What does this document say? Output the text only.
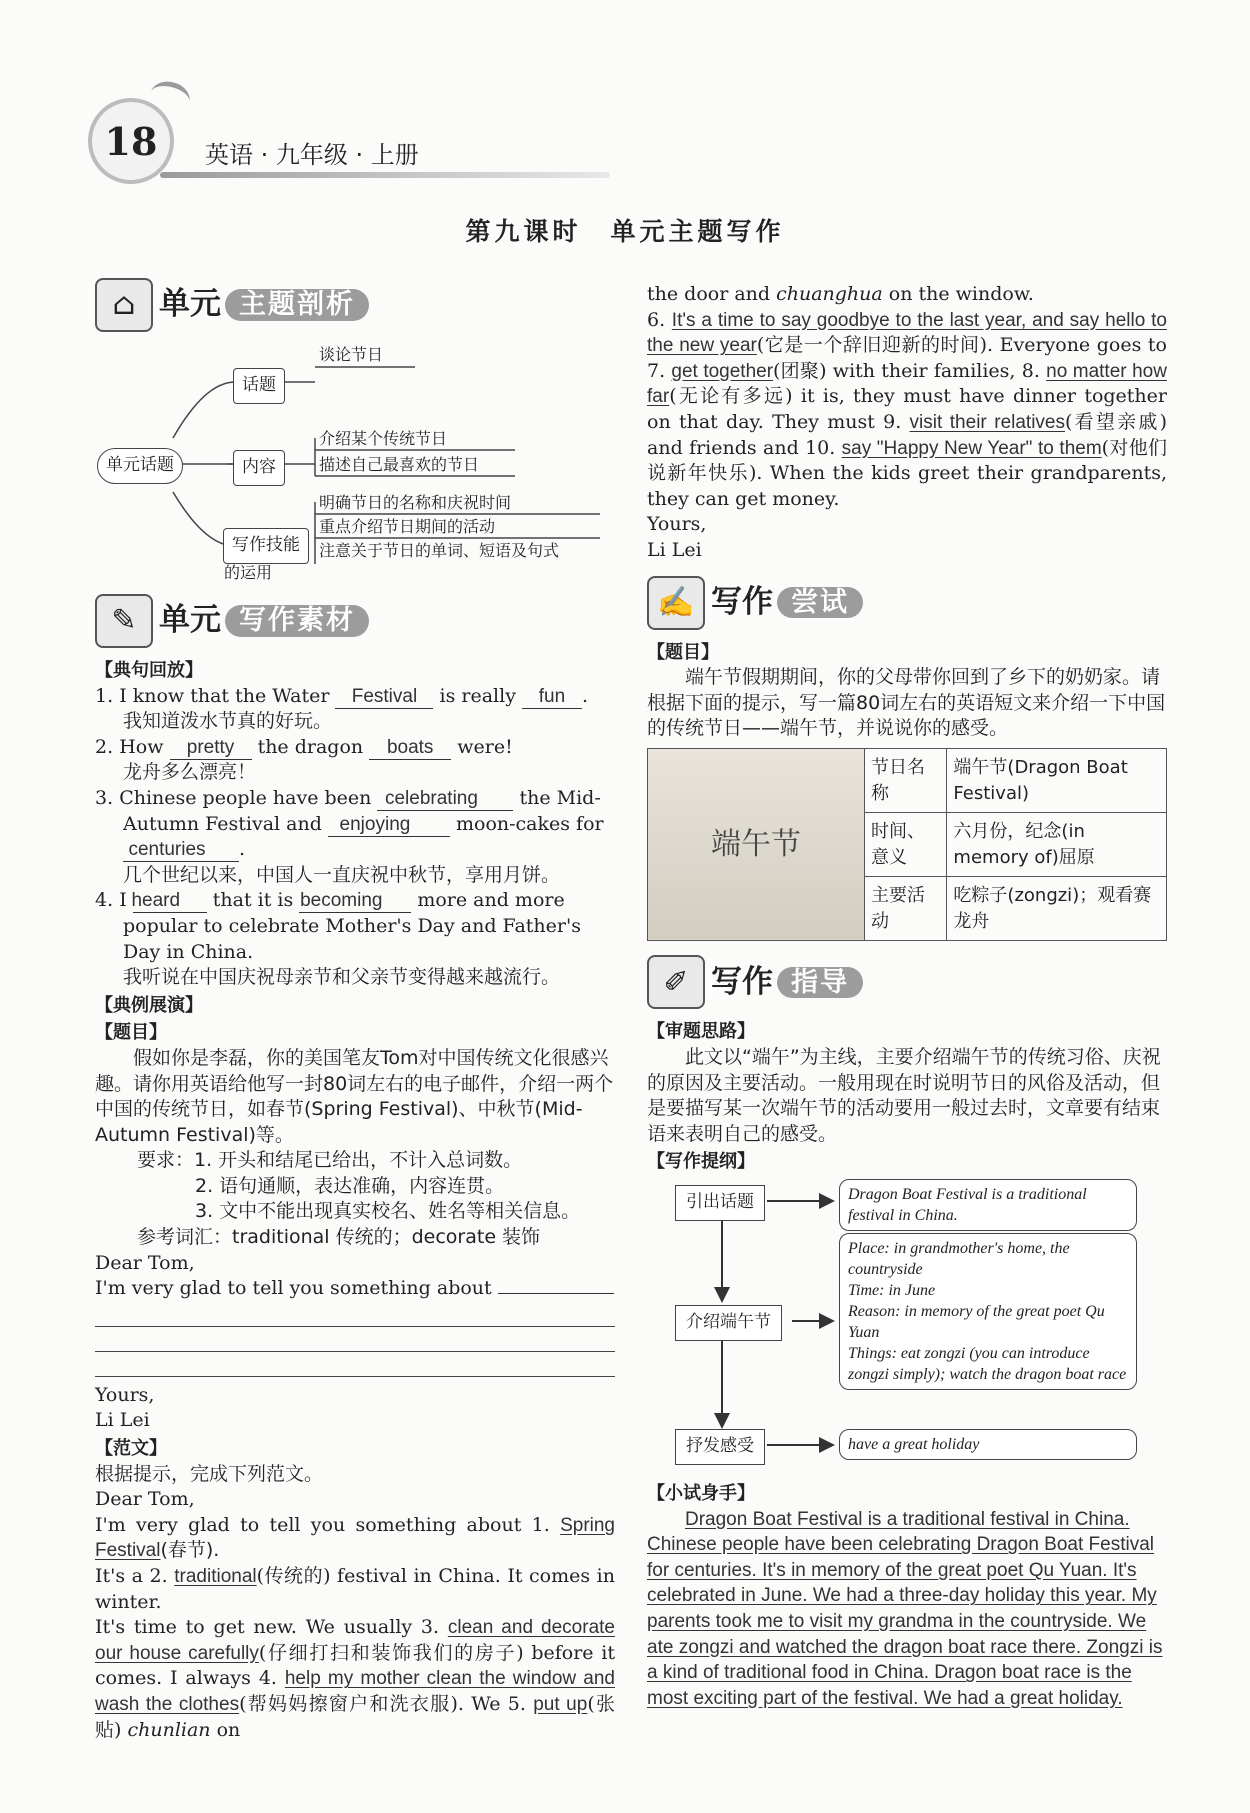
18	英语 · 九年级 · 上册
第九课时　单元主题写作
⌂ 单元 主题剖析
单元话题
话题
谈论节日
内容
介绍某个传统节日
描述自己最喜欢的节日
写作技能
明确节日的名称和庆祝时间
重点介绍节日期间的活动
注意关于节日的单词、短语及句式
的运用
✎ 单元 写作素材
【典句回放】

1. I know that the Water Festival is really fun .

我知道泼水节真的好玩。

2. How pretty the dragon boats were!

龙舟多么漂亮！

3. Chinese people have been celebrating the Mid-Autumn Festival and enjoying moon-cakes for centuries .

几个世纪以来，中国人一直庆祝中秋节，享用月饼。

4. I heard that it is becoming more and more popular to celebrate Mother's Day and Father's Day in China.

我听说在中国庆祝母亲节和父亲节变得越来越流行。

【典例展演】
【题目】

假如你是李磊，你的美国笔友Tom对中国传统文化很感兴趣。请你用英语给他写一封80词左右的电子邮件，介绍一两个中国的传统节日，如春节(Spring Festival)、中秋节(Mid-Autumn Festival)等。

要求：1. 开头和结尾已给出，不计入总词数。

2. 语句通顺，表达准确，内容连贯。

3. 文中不能出现真实校名、姓名等相关信息。

参考词汇：traditional 传统的；decorate 装饰

Dear Tom,

I'm very glad to tell you something about

Yours,

Li Lei

【范文】

根据提示，完成下列范文。

Dear Tom,

I'm very glad to tell you something about 1. Spring Festival(春节).
It's a 2. traditional(传统的) festival in China. It comes in winter.
It's time to get new. We usually 3. clean and decorate our house carefully(仔细打扫和装饰我们的房子) before it comes. I always 4. help my mother clean the window and wash the clothes(帮妈妈擦窗户和洗衣服). We 5. put up(张贴) chunlian on

the door and chuanghua on the window.
6. It's a time to say goodbye to the last year, and say hello to the new year(它是一个辞旧迎新的时间). Everyone goes to 7. get together(团聚) with their families, 8. no matter how far(无论有多远) it is, they must have dinner together on that day. They must 9. visit their relatives(看望亲戚) and friends and 10. say "Happy New Year" to them(对他们说新年快乐). When the kids greet their grandparents, they can get money.

Yours,

Li Lei

✍ 写作 尝试
【题目】

端午节假期期间，你的父母带你回到了乡下的奶奶家。请根据下面的提示，写一篇80词左右的英语短文来介绍一下中国的传统节日——端午节，并说说你的感受。

端午节	节日名称	端午节(Dragon Boat Festival)
	时间、意义	六月份，纪念(in memory of)屈原
	主要活动	吃粽子(zongzi)；观看赛龙舟
✐ 写作 指导
【审题思路】

此文以“端午”为主线，主要介绍端午节的传统习俗、庆祝的原因及主要活动。一般用现在时说明节日的风俗及活动，但是要描写某一次端午节的活动要用一般过去时，文章要有结束语来表明自己的感受。

【写作提纲】
引出话题	Dragon Boat Festival is a traditional festival in China.
介绍端午节
Place: in grandmother's home, the countryside
Time: in June
Reason: in memory of the great poet Qu Yuan
Things: eat zongzi (you can introduce zongzi simply); watch the dragon boat race
抒发感受	have a great holiday
【小试身手】

Dragon Boat Festival is a traditional festival in China. Chinese people have been celebrating Dragon Boat Festival for centuries. It's in memory of the great poet Qu Yuan. It's celebrated in June. We had a three-day holiday this year. My parents took me to visit my grandma in the countryside. We ate zongzi and watched the dragon boat race there. Zongzi is a kind of traditional food in China. Dragon boat race is the most exciting part of the festival. We had a great holiday.
